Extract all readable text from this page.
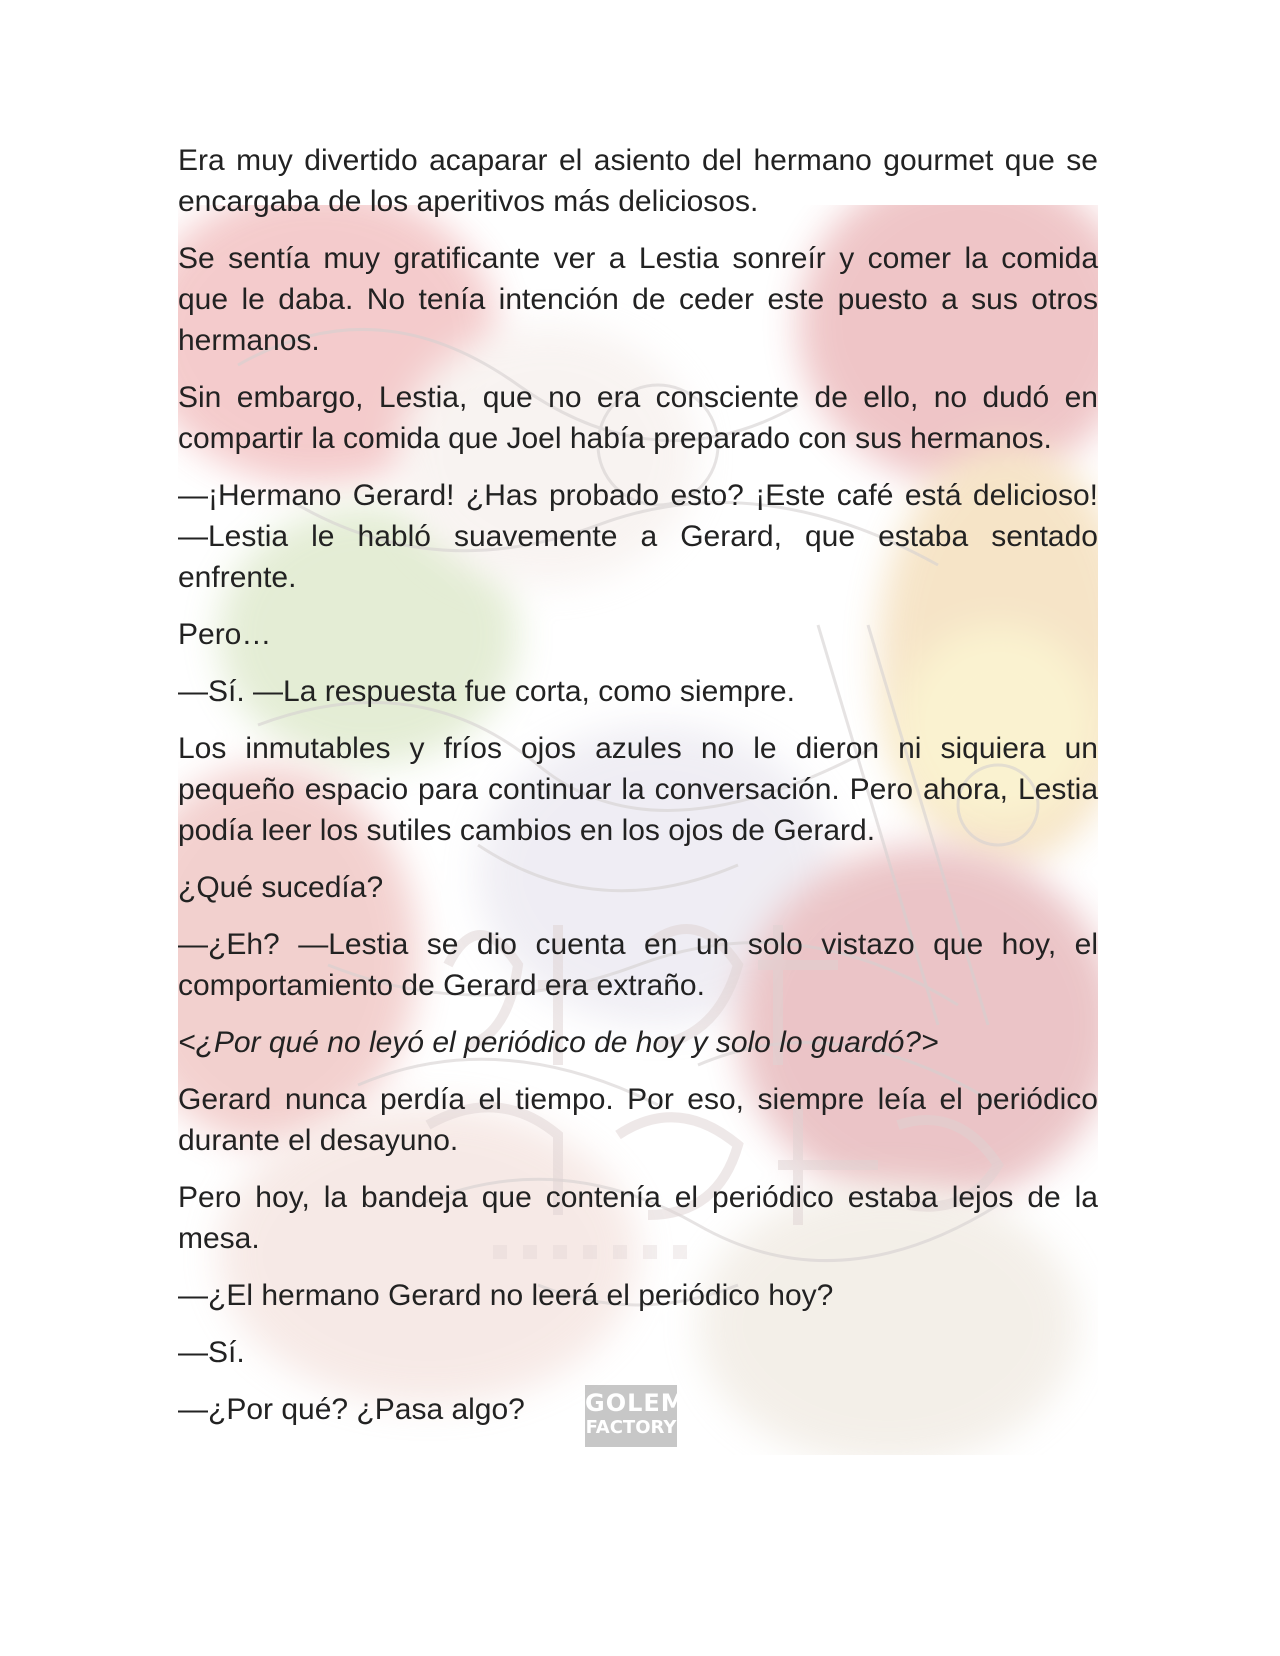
GOLEM
FACTORY

Era muy divertido acaparar el asiento del hermano gourmet que se encargaba de los aperitivos más deliciosos.

Se sentía muy gratificante ver a Lestia sonreír y comer la comida que le daba. No tenía intención de ceder este puesto a sus otros hermanos.

Sin embargo, Lestia, que no era consciente de ello, no dudó en compartir la comida que Joel había preparado con sus hermanos.

—¡Hermano Gerard! ¿Has probado esto? ¡Este café está delicioso! —Lestia le habló suavemente a Gerard, que estaba sentado enfrente.

Pero…

—Sí. —La respuesta fue corta, como siempre.

Los inmutables y fríos ojos azules no le dieron ni siquiera un pequeño espacio para continuar la conversación. Pero ahora, Lestia podía leer los sutiles cambios en los ojos de Gerard.

¿Qué sucedía?

—¿Eh? —Lestia se dio cuenta en un solo vistazo que hoy, el comportamiento de Gerard era extraño.

<¿Por qué no leyó el periódico de hoy y solo lo guardó?>

Gerard nunca perdía el tiempo. Por eso, siempre leía el periódico durante el desayuno.

Pero hoy, la bandeja que contenía el periódico estaba lejos de la mesa.

—¿El hermano Gerard no leerá el periódico hoy?

—Sí.

—¿Por qué? ¿Pasa algo?
